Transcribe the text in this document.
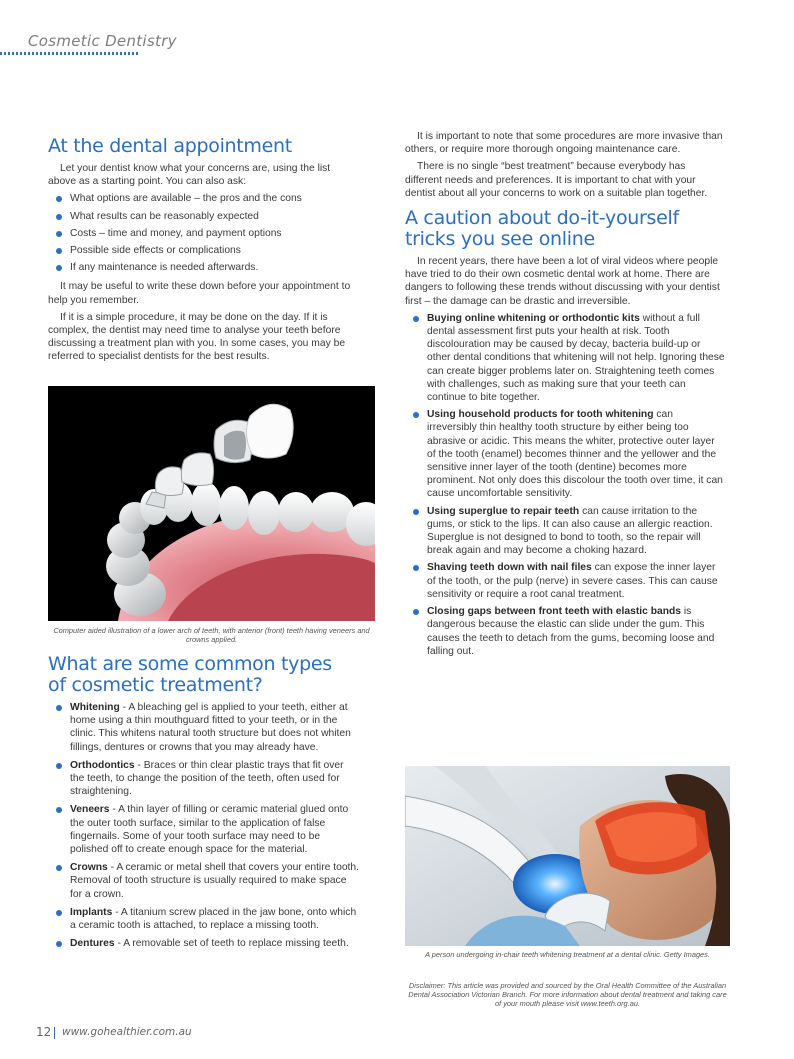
Cosmetic Dentistry
At the dental appointment

Let your dentist know what your concerns are, using the list above as a starting point. You can also ask:

What options are available – the pros and the cons
What results can be reasonably expected
Costs – time and money, and payment options
Possible side effects or complications
If any maintenance is needed afterwards.

It may be useful to write these down before your appointment to help you remember.

If it is a simple procedure, it may be done on the day. If it is complex, the dentist may need time to analyse your teeth before discussing a treatment plan with you. In some cases, you may be referred to specialist dentists for the best results.

Computer aided illustration of a lower arch of teeth, with anterior (front) teeth having veneers and crowns applied.
What are some common types
of cosmetic treatment?
Whitening - A bleaching gel is applied to your teeth, either at home using a thin mouthguard fitted to your teeth, or in the clinic. This whitens natural tooth structure but does not whiten fillings, dentures or crowns that you may already have.
Orthodontics - Braces or thin clear plastic trays that fit over the teeth, to change the position of the teeth, often used for straightening.
Veneers - A thin layer of filling or ceramic material glued onto the outer tooth surface, similar to the application of false fingernails. Some of your tooth surface may need to be polished off to create enough space for the material.
Crowns - A ceramic or metal shell that covers your entire tooth. Removal of tooth structure is usually required to make space for a crown.
Implants - A titanium screw placed in the jaw bone, onto which a ceramic tooth is attached, to replace a missing tooth.
Dentures - A removable set of teeth to replace missing teeth.

It is important to note that some procedures are more invasive than others, or require more thorough ongoing maintenance care.

There is no single “best treatment” because everybody has different needs and preferences. It is important to chat with your dentist about all your concerns to work on a suitable plan together.

A caution about do-it-yourself
tricks you see online

In recent years, there have been a lot of viral videos where people have tried to do their own cosmetic dental work at home. There are dangers to following these trends without discussing with your dentist first – the damage can be drastic and irreversible.

Buying online whitening or orthodontic kits without a full dental assessment first puts your health at risk. Tooth discolouration may be caused by decay, bacteria build-up or other dental conditions that whitening will not help. Ignoring these can create bigger problems later on. Straightening teeth comes with challenges, such as making sure that your teeth can continue to bite together.
Using household products for tooth whitening can irreversibly thin healthy tooth structure by either being too abrasive or acidic. This means the whiter, protective outer layer of the tooth (enamel) becomes thinner and the yellower and the sensitive inner layer of the tooth (dentine) becomes more prominent. Not only does this discolour the tooth over time, it can cause uncomfortable sensitivity.
Using superglue to repair teeth can cause irritation to the gums, or stick to the lips. It can also cause an allergic reaction. Superglue is not designed to bond to tooth, so the repair will break again and may become a choking hazard.
Shaving teeth down with nail files can expose the inner layer of the tooth, or the pulp (nerve) in severe cases. This can cause sensitivity or require a root canal treatment.
Closing gaps between front teeth with elastic bands is dangerous because the elastic can slide under the gum. This causes the teeth to detach from the gums, becoming loose and falling out.
A person undergoing in-chair teeth whitening treatment at a dental clinic. Getty Images.
Disclaimer: This article was provided and sourced by the Oral Health Committee of the Australian Dental Association Victorian Branch. For more information about dental treatment and taking care of your mouth please visit www.teeth.org.au.
12 www.gohealthier.com.au
